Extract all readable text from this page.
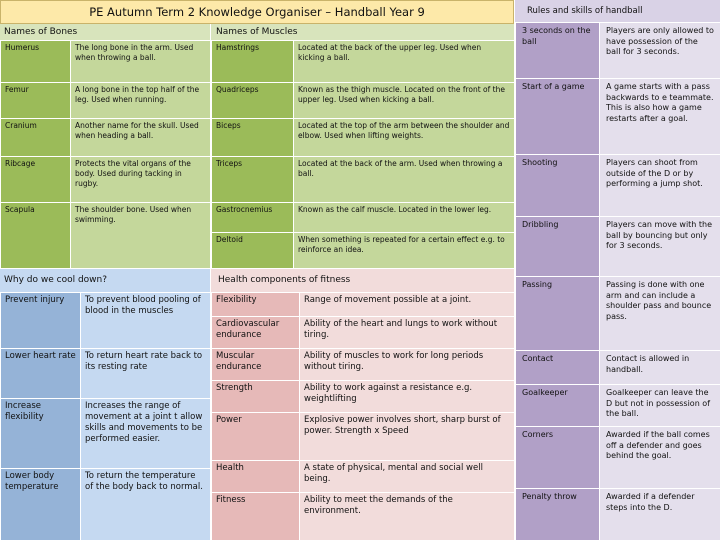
PE Autumn Term 2 Knowledge Organiser – Handball Year 9
Names of Bones
Humerus	The long bone in the arm. Used when throwing a ball.
Femur	A long bone in the top half of the leg. Used when running.
Cranium	Another name for the skull. Used when heading a ball.
Ribcage	Protects the vital organs of the body. Used during tacking in rugby.
Scapula	The shoulder bone. Used when swimming.
Names of Muscles
Hamstrings	Located at the back of the upper leg. Used when kicking a ball.
Quadriceps	Known as the thigh muscle. Located on the front of the upper leg. Used when kicking a ball.
Biceps	Located at the top of the arm between the shoulder and elbow. Used when lifting weights.
Triceps	Located at the back of the arm. Used when throwing a ball.
Gastrocnemius	Known as the calf muscle. Located in the lower leg.
Deltoid	When something is repeated for a certain effect e.g. to reinforce an idea.
Why do we cool down?
Prevent injury	To prevent blood pooling of blood in the muscles
Lower heart rate	To return heart rate back to its resting rate
Increase flexibility	Increases the range of movement at a joint t allow skills and movements to be performed easier.
Lower body temperature	To return the temperature of the body back to normal.
Health components of fitness
Flexibility	Range of movement possible at a joint.
Cardiovascular endurance	Ability of the heart and lungs to work without tiring.
Muscular endurance	Ability of muscles to work for long periods without tiring.
Strength	Ability to work against a resistance e.g. weightlifting
Power	Explosive power involves short, sharp burst of power. Strength x Speed
Health	A state of physical, mental and social well being.
Fitness	Ability to meet the demands of the environment.
Rules and skills of handball
3 seconds on the ball	Players are only allowed to have possession of the ball for 3 seconds.
Start of a game	A game starts with a pass backwards to e teammate. This is also how a game restarts after a goal.
Shooting	Players can shoot from outside of the D or by performing a jump shot.
Dribbling	Players can move with the ball by bouncing but only for 3 seconds.
Passing	Passing is done with one arm and can include a shoulder pass and bounce pass.
Contact	Contact is allowed in handball.
Goalkeeper	Goalkeeper can leave the D but not in possession of the ball.
Corners	Awarded if the ball comes off a defender and goes behind the goal.
Penalty throw	Awarded if a defender steps into the D.
